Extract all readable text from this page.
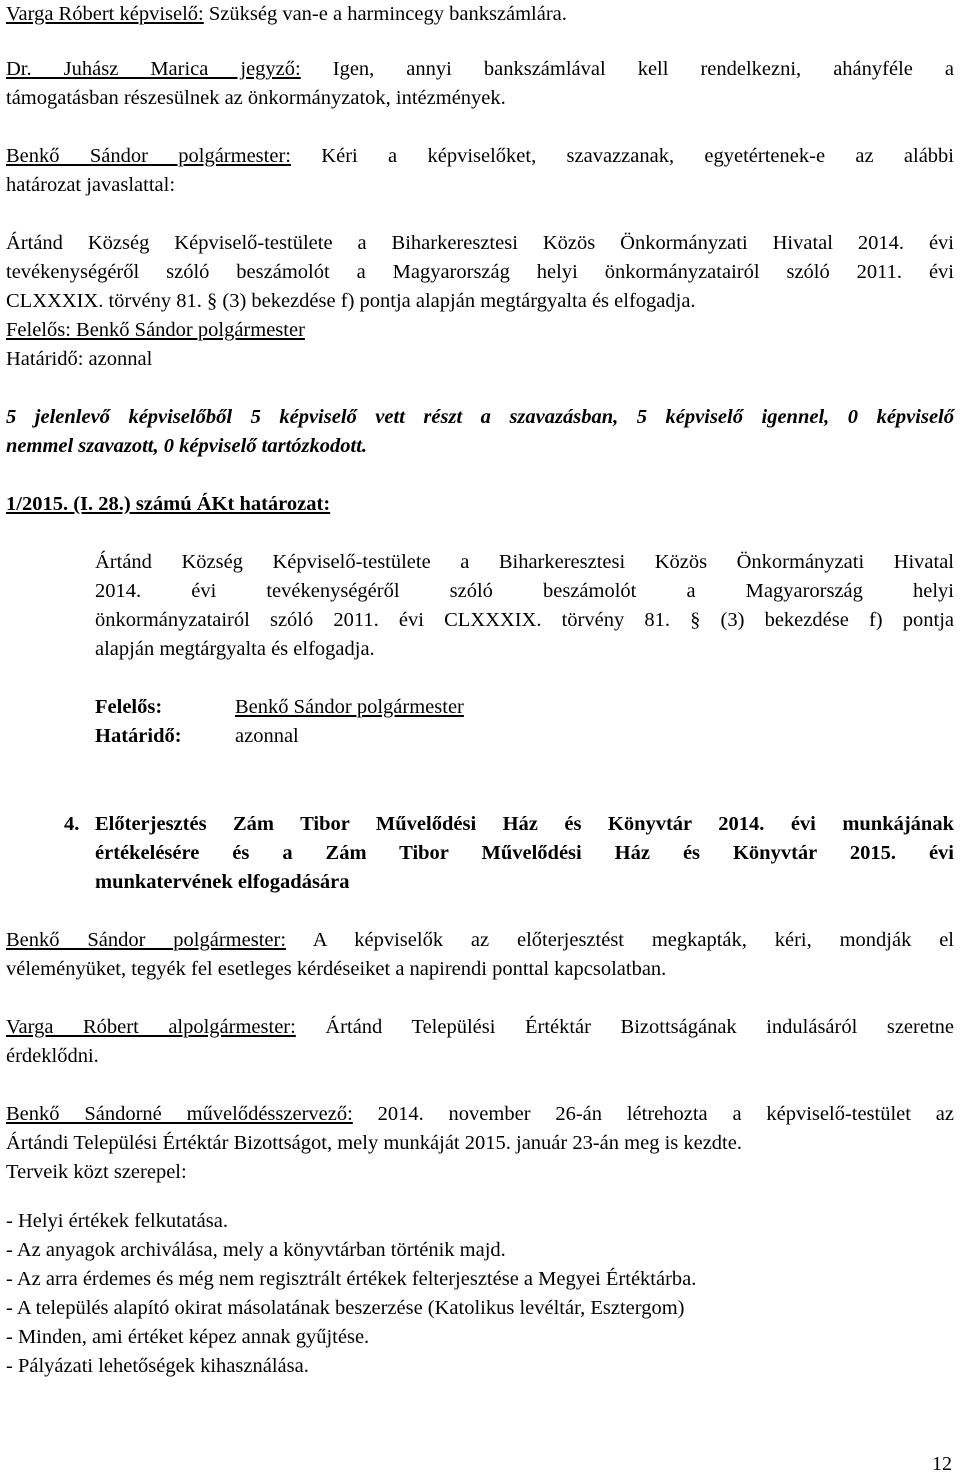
Varga Róbert képviselő: Szükség van-e a harmincegy bankszámlára.

Dr. Juhász Marica jegyző: Igen, annyi bankszámlával kell rendelkezni, ahányféle a

támogatásban részesülnek az önkormányzatok, intézmények.

Benkő Sándor polgármester: Kéri a képviselőket, szavazzanak, egyetértenek-e az alábbi

határozat javaslattal:

Ártánd Község Képviselő-testülete a Biharkeresztesi Közös Önkormányzati Hivatal 2014. évi

tevékenységéről szóló beszámolót a Magyarország helyi önkormányzatairól szóló 2011. évi

CLXXXIX. törvény 81. § (3) bekezdése f) pontja alapján megtárgyalta és elfogadja.

Felelős: Benkő Sándor polgármester

Határidő: azonnal

5 jelenlevő képviselőből 5 képviselő vett részt a szavazásban, 5 képviselő igennel, 0 képviselő

nemmel szavazott, 0 képviselő tartózkodott.

1/2015. (I. 28.) számú ÁKt határozat:

Ártánd Község Képviselő-testülete a Biharkeresztesi Közös Önkormányzati Hivatal

2014. évi tevékenységéről szóló beszámolót a Magyarország helyi

önkormányzatairól szóló 2011. évi CLXXXIX. törvény 81. § (3) bekezdése f) pontja

alapján megtárgyalta és elfogadja.

Felelős:	Benkő Sándor polgármester

Határidő:	azonnal

4. Előterjesztés Zám Tibor Művelődési Ház és Könyvtár 2014. évi munkájának

értékelésére és a Zám Tibor Művelődési Ház és Könyvtár 2015. évi

munkatervének elfogadására

Benkő Sándor polgármester: A képviselők az előterjesztést megkapták, kéri, mondják el

véleményüket, tegyék fel esetleges kérdéseiket a napirendi ponttal kapcsolatban.

Varga Róbert alpolgármester: Ártánd Települési Értéktár Bizottságának indulásáról szeretne

érdeklődni.

Benkő Sándorné művelődésszervező: 2014. november 26-án létrehozta a képviselő-testület az

Ártándi Települési Értéktár Bizottságot, mely munkáját 2015. január 23-án meg is kezdte.

Terveik közt szerepel:

- Helyi értékek felkutatása.

- Az anyagok archiválása, mely a könyvtárban történik majd.

- Az arra érdemes és még nem regisztrált értékek felterjesztése a Megyei Értéktárba.

- A település alapító okirat másolatának beszerzése (Katolikus levéltár, Esztergom)

- Minden, ami értéket képez annak gyűjtése.

- Pályázati lehetőségek kihasználása.

12
